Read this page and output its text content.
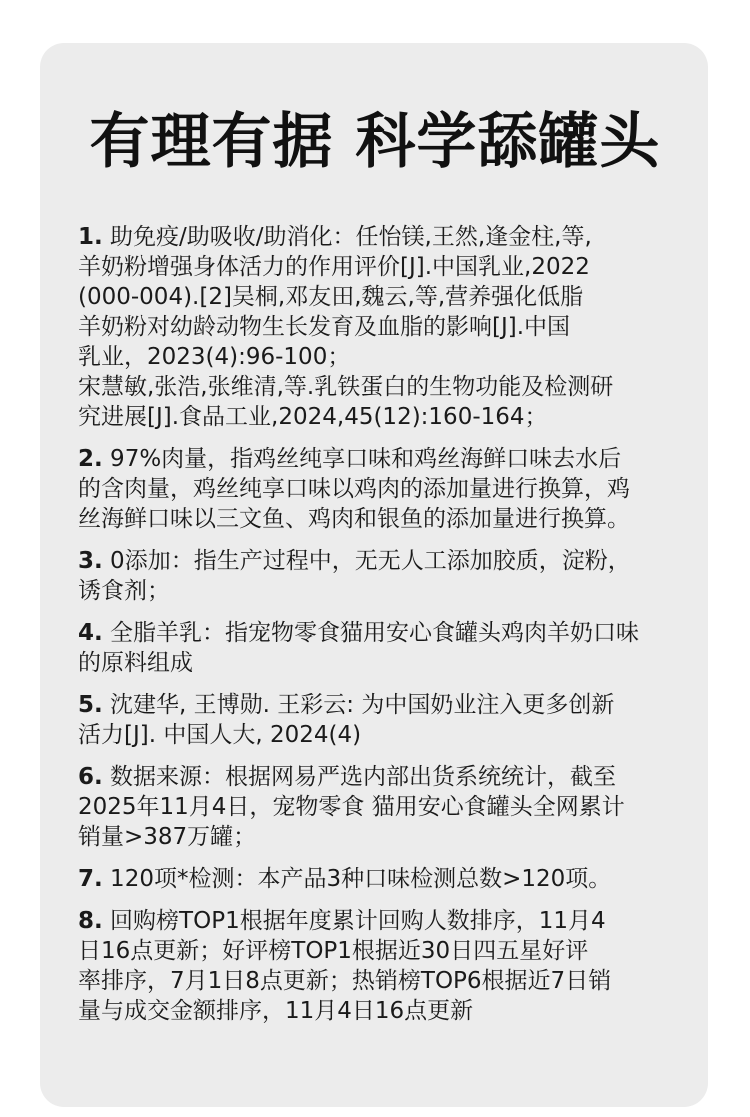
有理有据 科学舔罐头
1. 助免疫/助吸收/助消化：任怡镁,王然,逢金柱,等,
羊奶粉增强身体活力的作用评价[J].中国乳业,2022
(000-004).[2]吴桐,邓友田,魏云,等,营养强化低脂
羊奶粉对幼龄动物生长发育及血脂的影响[J].中国
乳业，2023(4):96-100；
宋慧敏,张浩,张维清,等.乳铁蛋白的生物功能及检测研
究进展[J].食品工业,2024,45(12):160-164；
2. 97%肉量，指鸡丝纯享口味和鸡丝海鲜口味去水后
的含肉量，鸡丝纯享口味以鸡肉的添加量进行换算，鸡
丝海鲜口味以三文鱼、鸡肉和银鱼的添加量进行换算。
3. 0添加：指生产过程中，无无人工添加胶质，淀粉，
诱食剂；
4. 全脂羊乳：指宠物零食猫用安心食罐头鸡肉羊奶口味
的原料组成
5. 沈建华, 王博勋. 王彩云: 为中国奶业注入更多创新
活力[J]. 中国人大, 2024(4)
6. 数据来源：根据网易严选内部出货系统统计，截至
2025年11月4日，宠物零食 猫用安心食罐头全网累计
销量>387万罐；
7. 120项*检测：本产品3种口味检测总数>120项。
8. 回购榜TOP1根据年度累计回购人数排序，11月4
日16点更新；好评榜TOP1根据近30日四五星好评
率排序，7月1日8点更新；热销榜TOP6根据近7日销
量与成交金额排序，11月4日16点更新
